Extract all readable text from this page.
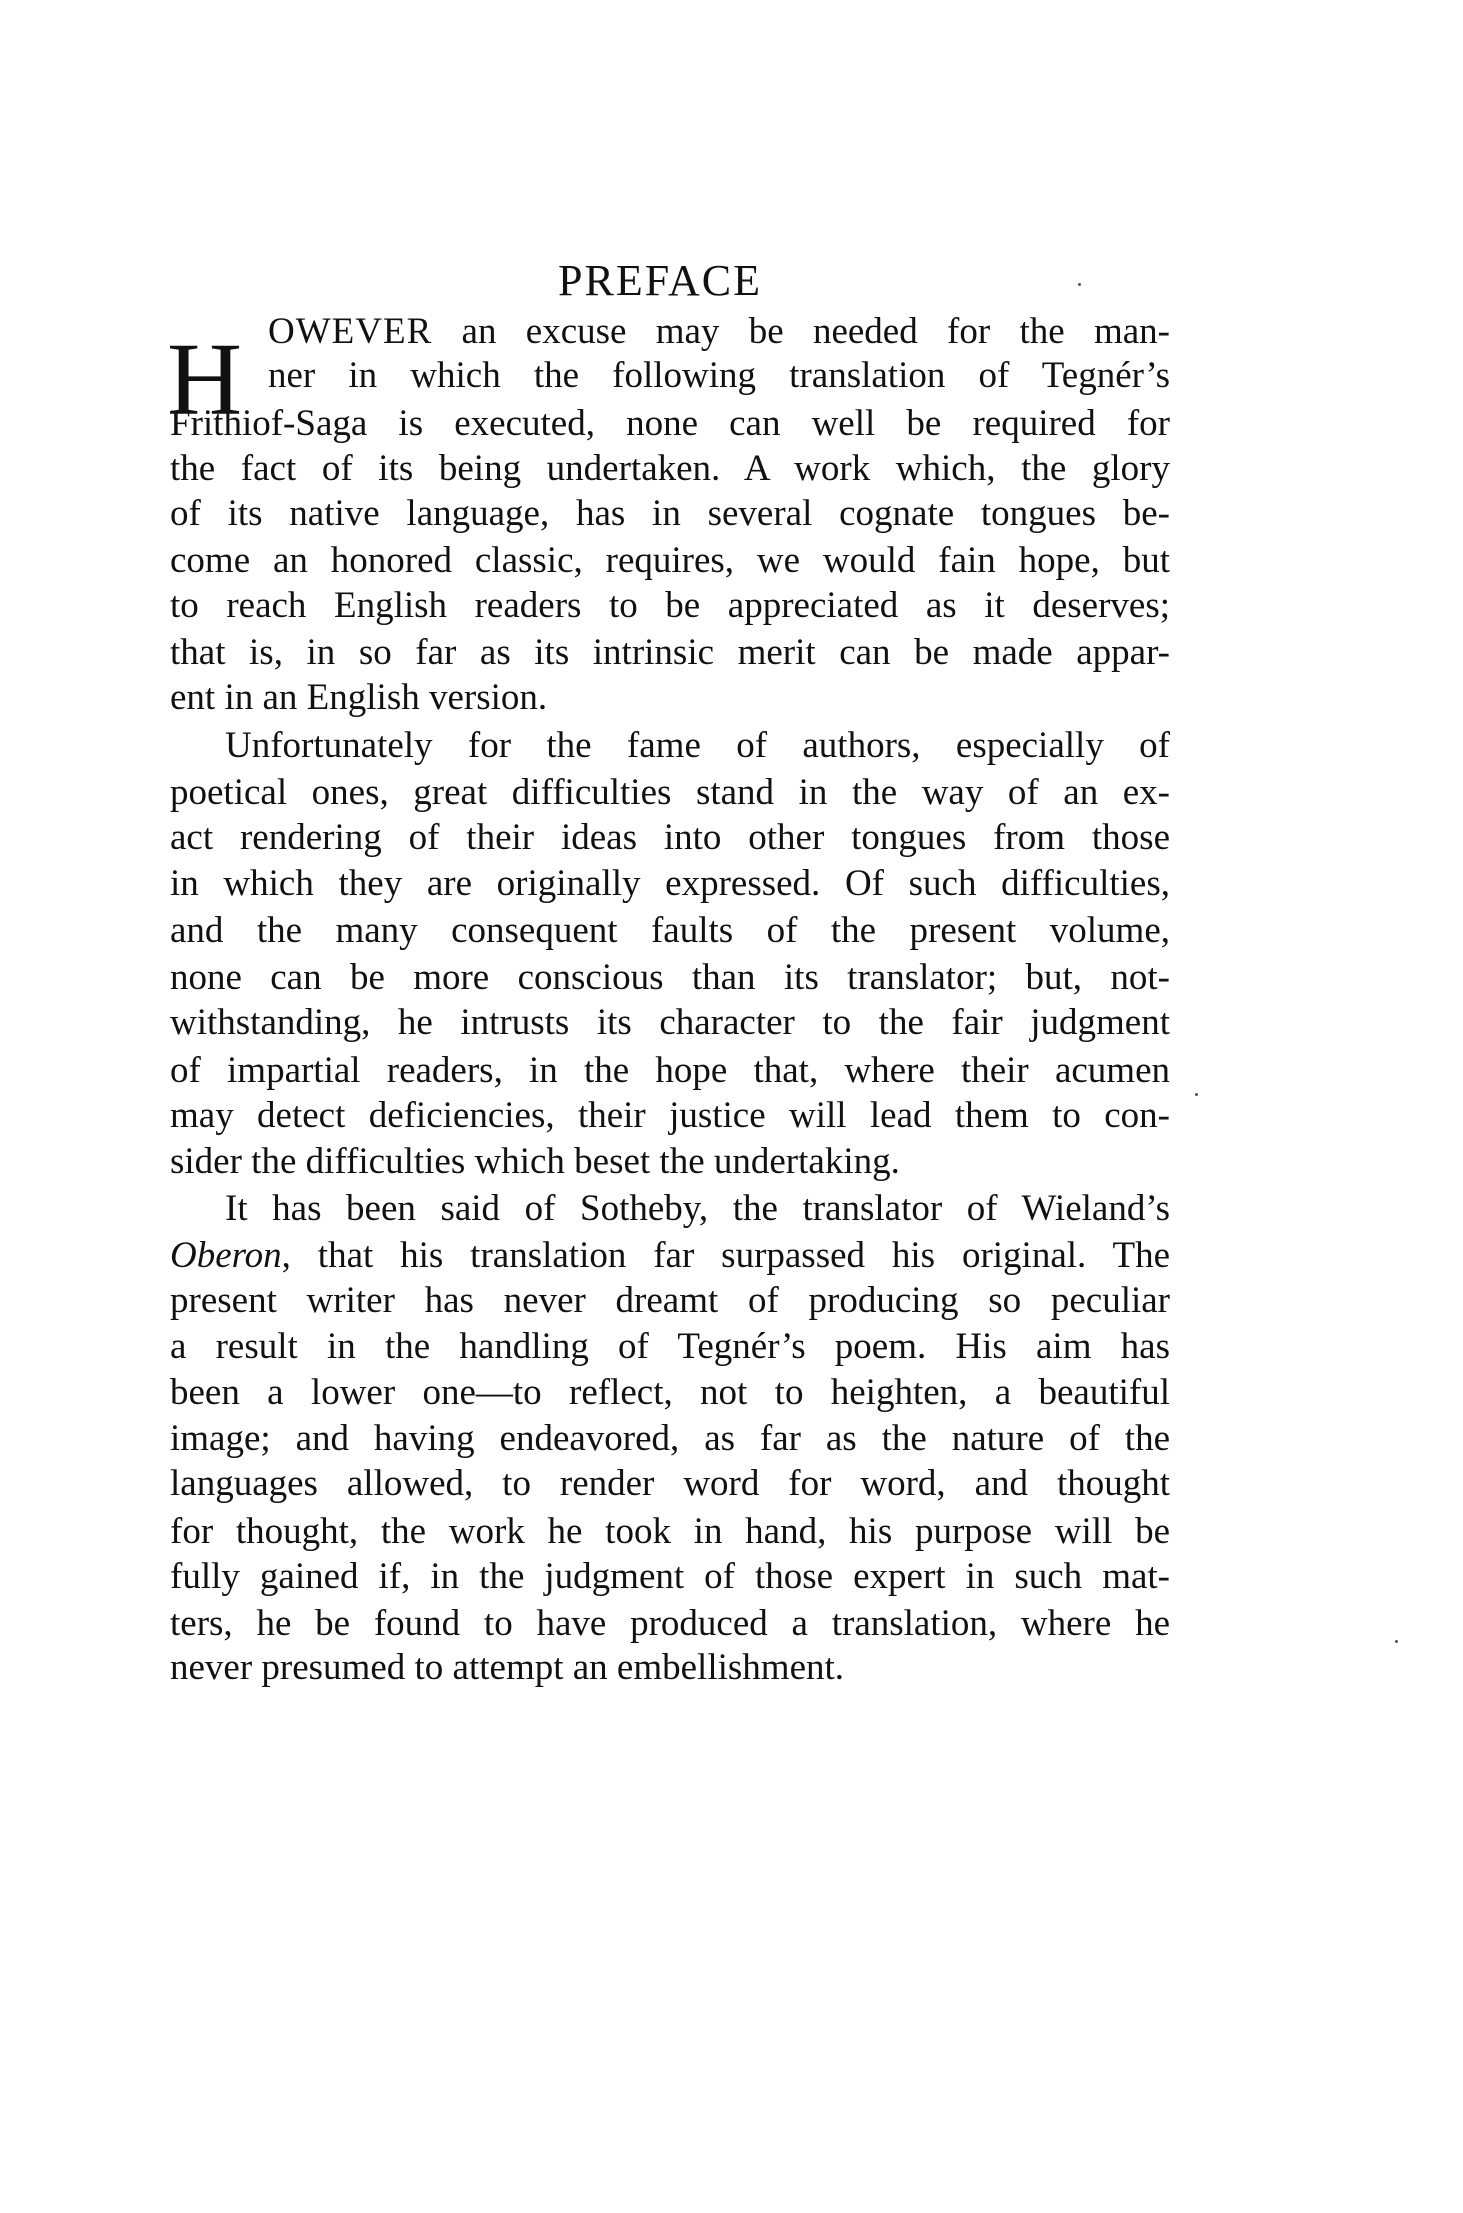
PREFACE
H OWEVER an excuse may be needed for the man-

ner in which the following translation of Tegnér’s

Frithiof-Saga is executed, none can well be required for

the fact of its being undertaken. A work which, the glory

of its native language, has in several cognate tongues be-

come an honored classic, requires, we would fain hope, but

to reach English readers to be appreciated as it deserves;

that is, in so far as its intrinsic merit can be made appar-

ent in an English version.

Unfortunately for the fame of authors, especially of

poetical ones, great difficulties stand in the way of an ex-

act rendering of their ideas into other tongues from those

in which they are originally expressed. Of such difficulties,

and the many consequent faults of the present volume,

none can be more conscious than its translator; but, not-

withstanding, he intrusts its character to the fair judgment

of impartial readers, in the hope that, where their acumen

may detect deficiencies, their justice will lead them to con-

sider the difficulties which beset the undertaking.

It has been said of Sotheby, the translator of Wieland’s

Oberon, that his translation far surpassed his original. The

present writer has never dreamt of producing so peculiar

a result in the handling of Tegnér’s poem. His aim has

been a lower one—to reflect, not to heighten, a beautiful

image; and having endeavored, as far as the nature of the

languages allowed, to render word for word, and thought

for thought, the work he took in hand, his purpose will be

fully gained if, in the judgment of those expert in such mat-

ters, he be found to have produced a translation, where he

never presumed to attempt an embellishment.
